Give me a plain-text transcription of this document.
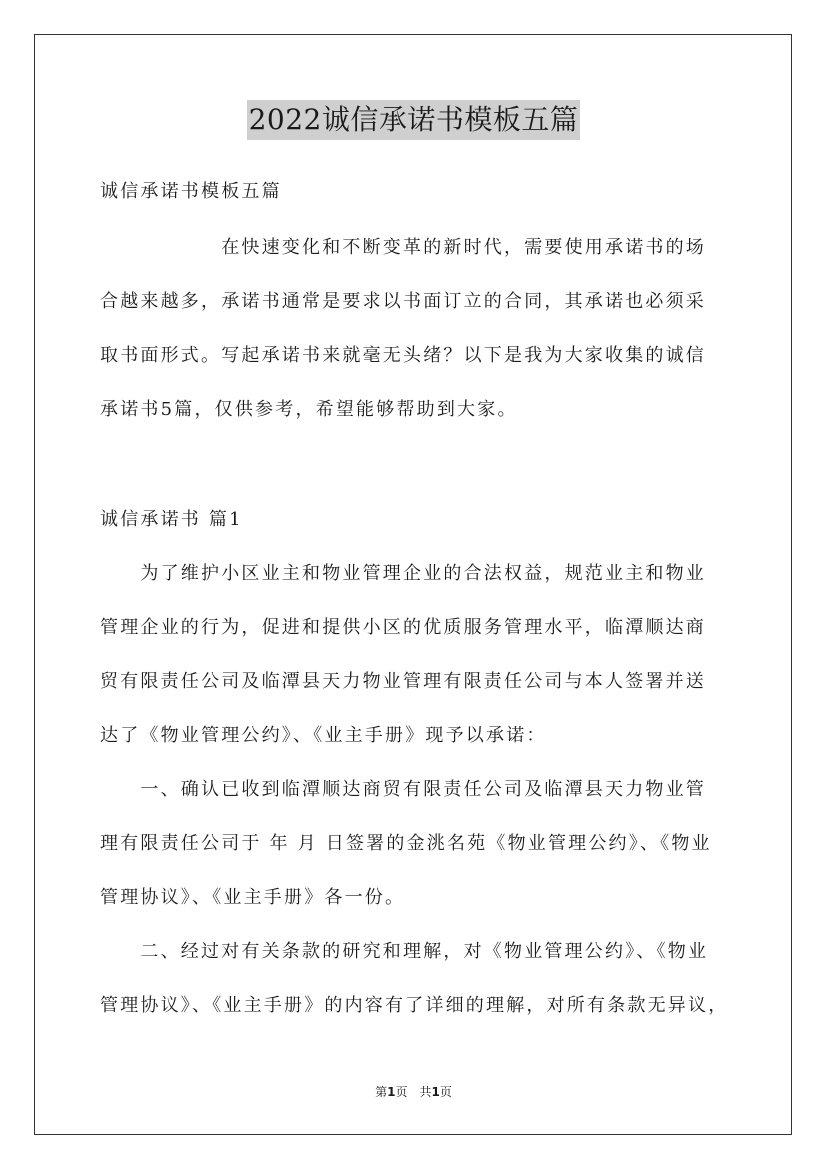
2022诚信承诺书模板五篇
诚信承诺书模板五篇
　　　　　　在快速变化和不断变革的新时代，需要使用承诺书的场
合越来越多，承诺书通常是要求以书面订立的合同，其承诺也必须采
取书面形式。写起承诺书来就毫无头绪？以下是我为大家收集的诚信
承诺书5篇，仅供参考，希望能够帮助到大家。
诚信承诺书 篇1
　　为了维护小区业主和物业管理企业的合法权益，规范业主和物业
管理企业的行为，促进和提供小区的优质服务管理水平，临潭顺达商
贸有限责任公司及临潭县天力物业管理有限责任公司与本人签署并送
达了《物业管理公约》、《业主手册》现予以承诺：
　　一、确认已收到临潭顺达商贸有限责任公司及临潭县天力物业管
理有限责任公司于 年 月 日签署的金洮名苑《物业管理公约》、《物业
管理协议》、《业主手册》各一份。
　　二、经过对有关条款的研究和理解，对《物业管理公约》、《物业
管理协议》、《业主手册》的内容有了详细的理解，对所有条款无异议，
第1页　共1页
